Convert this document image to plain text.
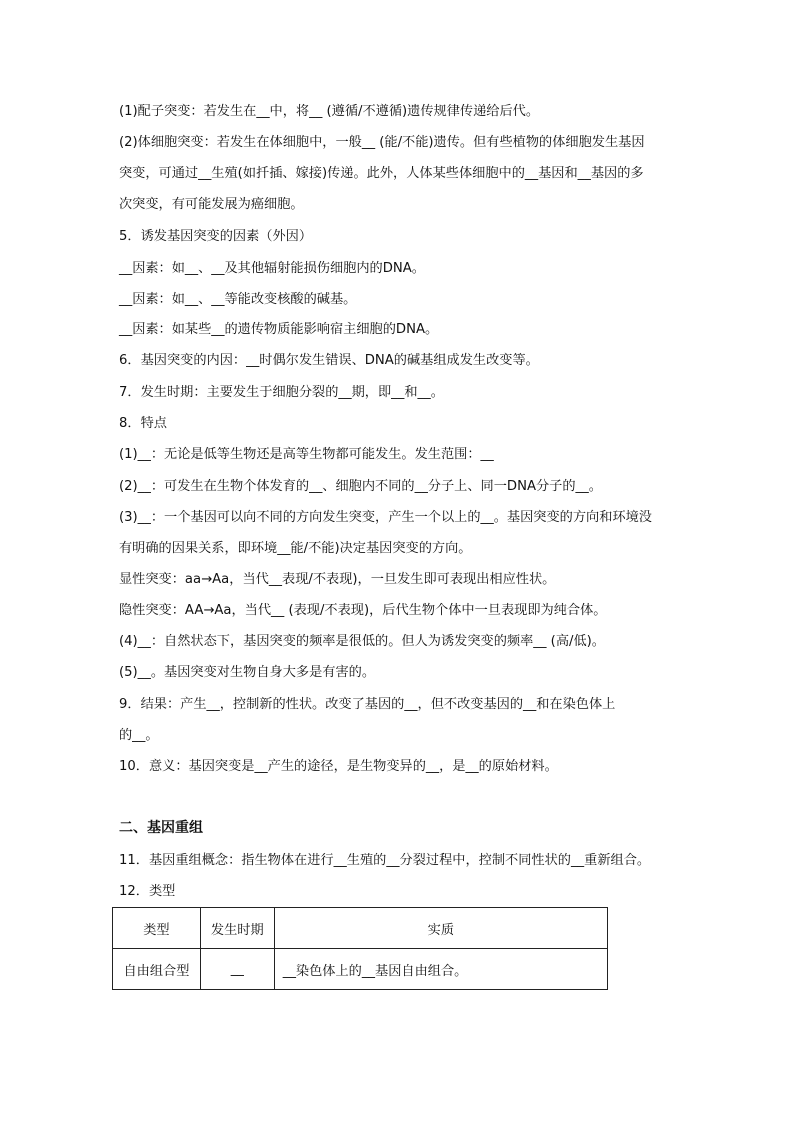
(1)配子突变：若发生在__中，将__ (遵循/不遵循)遗传规律传递给后代。
(2)体细胞突变：若发生在体细胞中，一般__ (能/不能)遗传。但有些植物的体细胞发生基因
突变，可通过__生殖(如扦插、嫁接)传递。此外，人体某些体细胞中的__基因和__基因的多
次突变，有可能发展为癌细胞。
5．诱发基因突变的因素（外因）
__因素：如__、__及其他辐射能损伤细胞内的DNA。
__因素：如__、__等能改变核酸的碱基。
__因素：如某些__的遗传物质能影响宿主细胞的DNA。
6．基因突变的内因：__时偶尔发生错误、DNA的碱基组成发生改变等。
7．发生时期：主要发生于细胞分裂的__期，即__和__。
8．特点
(1)__：无论是低等生物还是高等生物都可能发生。发生范围：__
(2)__：可发生在生物个体发育的__、细胞内不同的__分子上、同一DNA分子的__。
(3)__：一个基因可以向不同的方向发生突变，产生一个以上的__。基因突变的方向和环境没
有明确的因果关系，即环境__能/不能)决定基因突变的方向。
显性突变：aa→Aa，当代__表现/不表现)，一旦发生即可表现出相应性状。
隐性突变：AA→Aa，当代__ (表现/不表现)，后代生物个体中一旦表现即为纯合体。
(4)__：自然状态下，基因突变的频率是很低的。但人为诱发突变的频率__ (高/低)。
(5)__。基因突变对生物自身大多是有害的。
9．结果：产生__，控制新的性状。改变了基因的__，但不改变基因的__和在染色体上
的__。
10．意义：基因突变是__产生的途径，是生物变异的__，是__的原始材料。
二、基因重组
11．基因重组概念：指生物体在进行__生殖的__分裂过程中，控制不同性状的__重新组合。
12．类型
类型	发生时期	实质
自由组合型	__	__染色体上的__基因自由组合。
